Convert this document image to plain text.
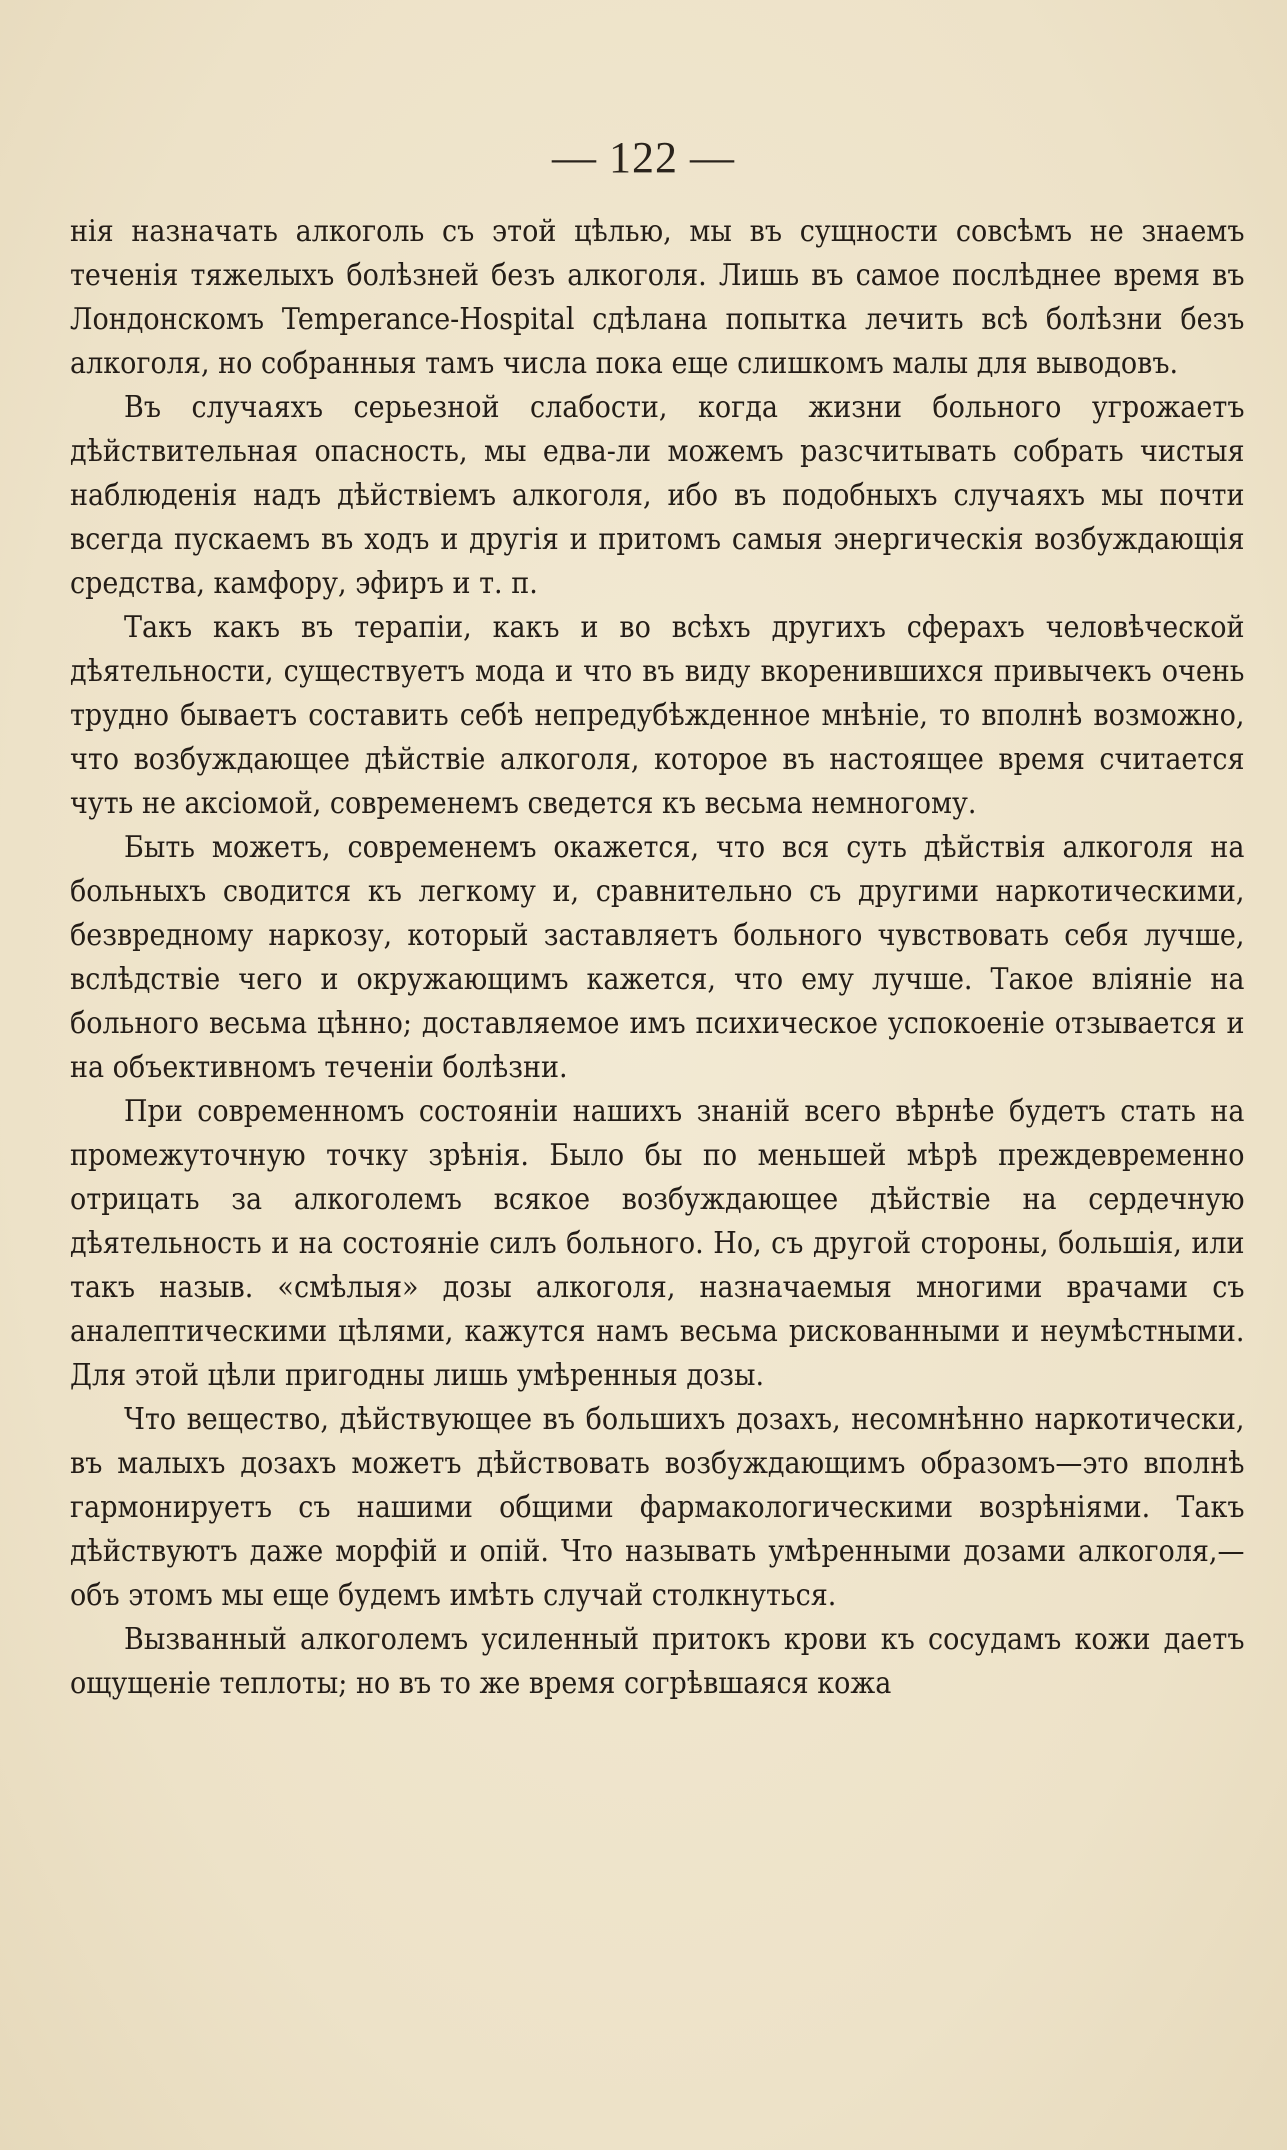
— 122 —

нія назначать алкоголь съ этой цѣлью, мы въ сущности совсѣмъ не знаемъ теченія тяжелыхъ болѣзней безъ алкоголя. Лишь въ самое послѣднее время въ Лондонскомъ Temperance-Hospital сдѣлана попытка лечить всѣ болѣзни безъ алкоголя, но собранныя тамъ числа пока еще слишкомъ малы для выводовъ.

Въ случаяхъ серьезной слабости, когда жизни больного угрожаетъ дѣйствительная опасность, мы едва-ли можемъ разсчитывать собрать чистыя наблюденія надъ дѣйствіемъ алкоголя, ибо въ подобныхъ случаяхъ мы почти всегда пускаемъ въ ходъ и другія и притомъ самыя энергическія возбуждающія средства, камфору, эфиръ и т. п.

Такъ какъ въ терапіи, какъ и во всѣхъ другихъ сферахъ человѣческой дѣятельности, существуетъ мода и что въ виду вкоренившихся привычекъ очень трудно бываетъ составить себѣ непредубѣжденное мнѣніе, то вполнѣ возможно, что возбуждающее дѣйствіе алкоголя, которое въ настоящее время считается чуть не аксіомой, современемъ сведется къ весьма немногому.

Быть можетъ, современемъ окажется, что вся суть дѣйствія алкоголя на больныхъ сводится къ легкому и, сравнительно съ другими наркотическими, безвредному наркозу, который заставляетъ больного чувствовать себя лучше, вслѣдствіе чего и окружающимъ кажется, что ему лучше. Такое вліяніе на больного весьма цѣнно; доставляемое имъ психическое успокоеніе отзывается и на объективномъ теченіи болѣзни.

При современномъ состояніи нашихъ знаній всего вѣрнѣе будетъ стать на промежуточную точку зрѣнія. Было бы по меньшей мѣрѣ преждевременно отрицать за алкоголемъ всякое возбуждающее дѣйствіе на сердечную дѣятельность и на состояніе силъ больного. Но, съ другой стороны, большія, или такъ назыв. «смѣлыя» дозы алкоголя, назначаемыя многими врачами съ аналептическими цѣлями, кажутся намъ весьма рискованными и неумѣстными. Для этой цѣли пригодны лишь умѣренныя дозы.

Что вещество, дѣйствующее въ большихъ дозахъ, несомнѣнно наркотически, въ малыхъ дозахъ можетъ дѣйствовать возбуждающимъ образомъ—это вполнѣ гармонируетъ съ нашими общими фармакологическими возрѣніями. Такъ дѣйствуютъ даже морфій и опій. Что называть умѣренными дозами алкоголя,—объ этомъ мы еще будемъ имѣть случай столкнуться.

Вызванный алкоголемъ усиленный притокъ крови къ сосудамъ кожи даетъ ощущеніе теплоты; но въ то же время согрѣвшаяся кожа
